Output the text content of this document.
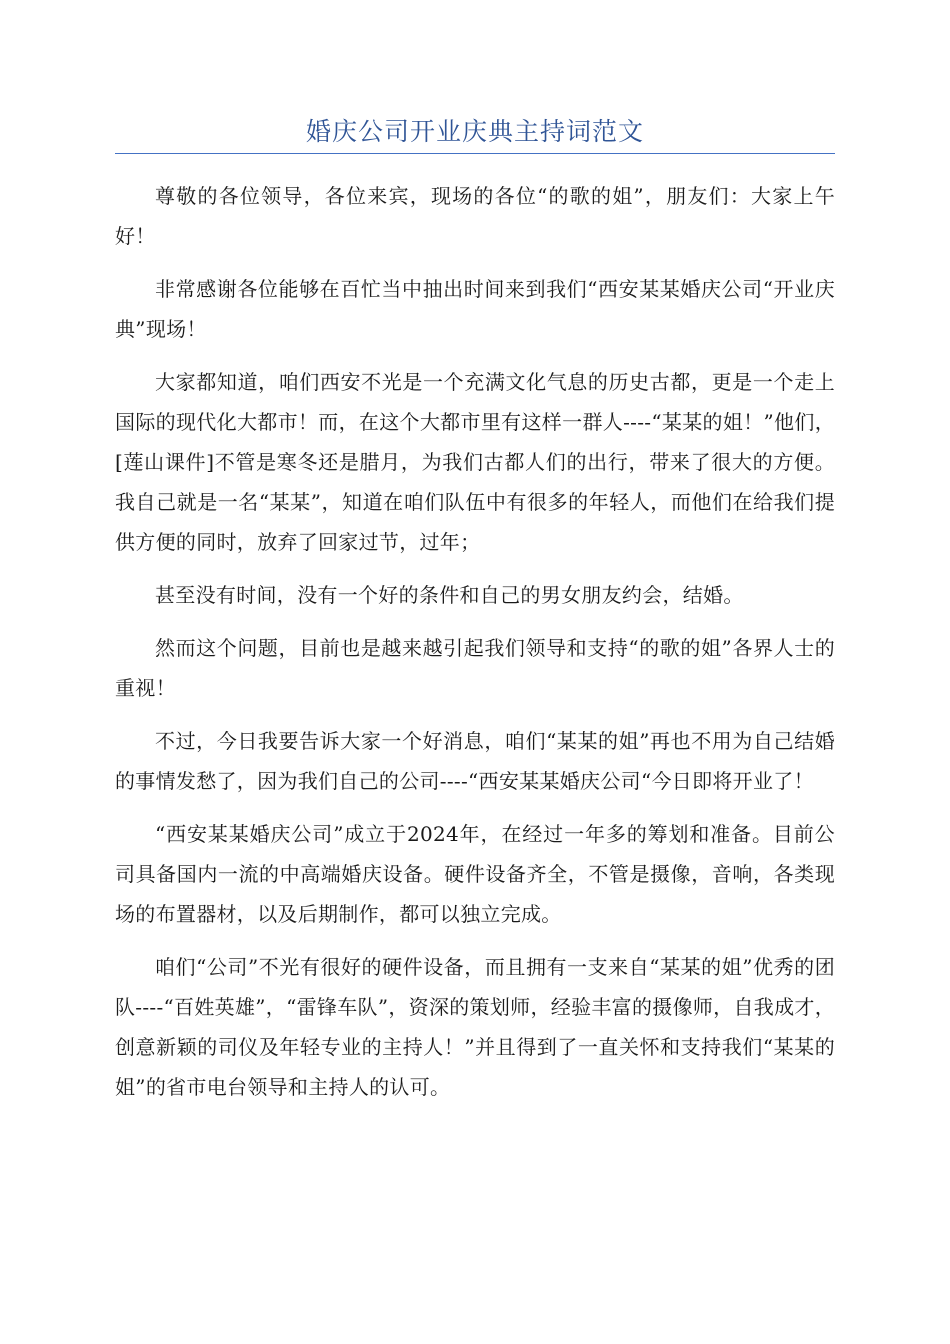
婚庆公司开业庆典主持词范文

尊敬的各位领导，各位来宾，现场的各位“的歌的姐”，朋友们：大家上午好！

非常感谢各位能够在百忙当中抽出时间来到我们“西安某某婚庆公司“开业庆典”现场！

大家都知道，咱们西安不光是一个充满文化气息的历史古都，更是一个走上国际的现代化大都市！而，在这个大都市里有这样一群人----“某某的姐！”他们，[莲山课件]不管是寒冬还是腊月，为我们古都人们的出行，带来了很大的方便。我自己就是一名“某某”，知道在咱们队伍中有很多的年轻人，而他们在给我们提供方便的同时，放弃了回家过节，过年；

甚至没有时间，没有一个好的条件和自己的男女朋友约会，结婚。

然而这个问题，目前也是越来越引起我们领导和支持“的歌的姐”各界人士的重视！

不过，今日我要告诉大家一个好消息，咱们“某某的姐”再也不用为自己结婚的事情发愁了，因为我们自己的公司----“西安某某婚庆公司“今日即将开业了！

“西安某某婚庆公司”成立于2024年，在经过一年多的筹划和准备。目前公司具备国内一流的中高端婚庆设备。硬件设备齐全，不管是摄像，音响，各类现场的布置器材，以及后期制作，都可以独立完成。

咱们“公司”不光有很好的硬件设备，而且拥有一支来自“某某的姐”优秀的团队----“百姓英雄”，“雷锋车队”，资深的策划师，经验丰富的摄像师，自我成才，创意新颖的司仪及年轻专业的主持人！”并且得到了一直关怀和支持我们“某某的姐”的省市电台领导和主持人的认可。
